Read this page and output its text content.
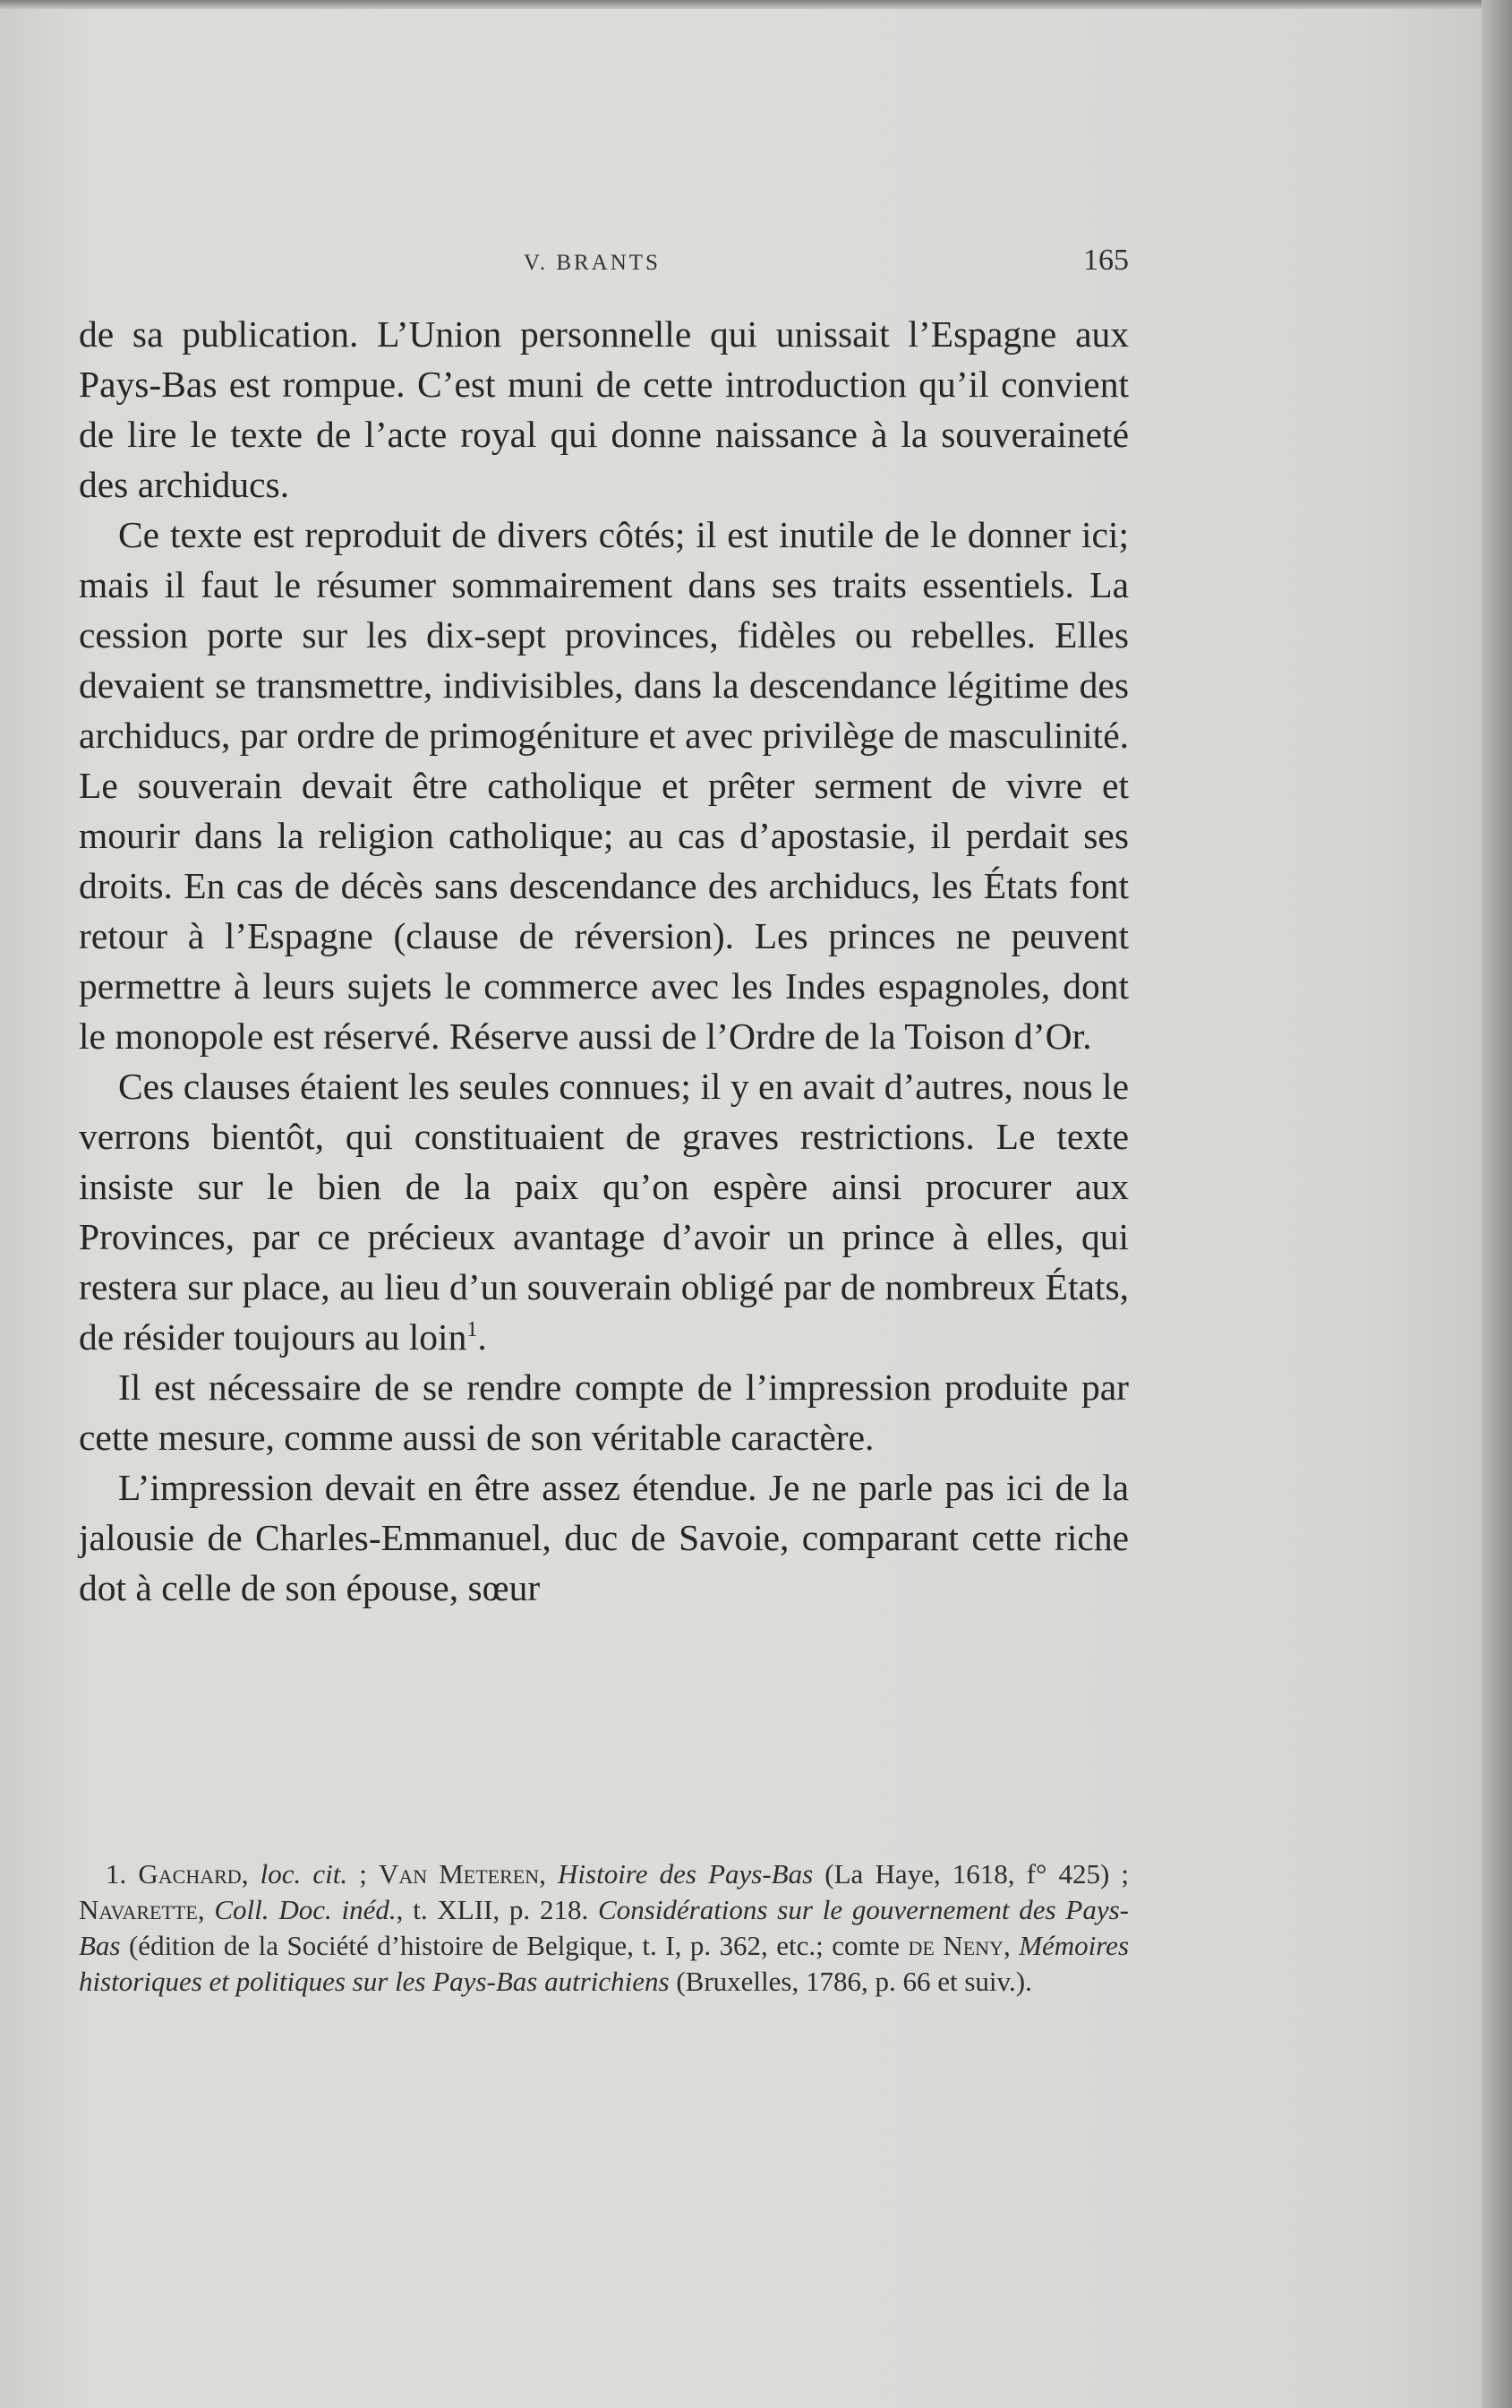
V. BRANTS	165

de sa publication. L’Union personnelle qui unissait l’Espagne aux Pays-Bas est rompue. C’est muni de cette introduction qu’il convient de lire le texte de l’acte royal qui donne naissance à la souveraineté des archiducs.

Ce texte est reproduit de divers côtés; il est inutile de le donner ici; mais il faut le résumer sommairement dans ses traits essentiels. La cession porte sur les dix-sept provinces, fidèles ou rebelles. Elles devaient se transmettre, indivisibles, dans la descendance légitime des archiducs, par ordre de primogéniture et avec privilège de masculinité. Le souverain devait être catholique et prêter serment de vivre et mourir dans la religion catholique; au cas d’apostasie, il perdait ses droits. En cas de décès sans descendance des archiducs, les États font retour à l’Espagne (clause de réversion). Les princes ne peuvent permettre à leurs sujets le commerce avec les Indes espagnoles, dont le monopole est réservé. Réserve aussi de l’Ordre de la Toison d’Or.

Ces clauses étaient les seules connues; il y en avait d’autres, nous le verrons bientôt, qui constituaient de graves restrictions. Le texte insiste sur le bien de la paix qu’on espère ainsi procurer aux Provinces, par ce précieux avantage d’avoir un prince à elles, qui restera sur place, au lieu d’un souverain obligé par de nombreux États, de résider toujours au loin$^1$.

Il est nécessaire de se rendre compte de l’impression produite par cette mesure, comme aussi de son véritable caractère.

L’impression devait en être assez étendue. Je ne parle pas ici de la jalousie de Charles-Emmanuel, duc de Savoie, comparant cette riche dot à celle de son épouse, sœur

1. Gachard, loc. cit. ; Van Meteren, Histoire des Pays-Bas (La Haye, 1618, f° 425) ; Navarette, Coll. Doc. inéd., t. XLII, p. 218. Considérations sur le gouvernement des Pays-Bas (édition de la Société d’histoire de Belgique, t. I, p. 362, etc.; comte de Neny, Mémoires historiques et politiques sur les Pays-Bas autrichiens (Bruxelles, 1786, p. 66 et suiv.).
